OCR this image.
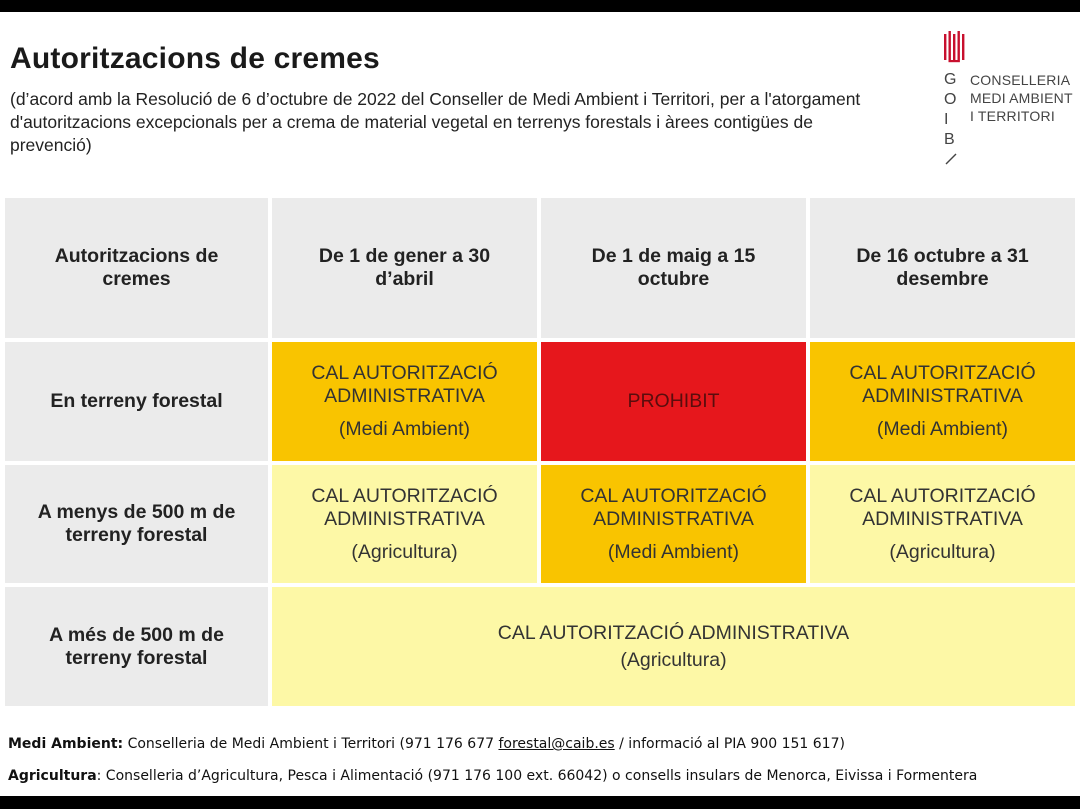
Autoritzacions de cremes
(d’acord amb la Resolució de 6 d’octubre de 2022 del Conseller de Medi Ambient i Territori, per a l'atorgament d'autoritzacions excepcionals per a crema de material vegetal en terrenys forestals i àrees contigües de prevenció)
G
O
I
B
CONSELLERIA
MEDI AMBIENT
I TERRITORI
Autoritzacions de cremes
De 1 de gener a 30 d’abril
De 1 de maig a 15 octubre
De 16 octubre a 31 desembre
En terreny forestal
CAL AUTORITZACIÓ ADMINISTRATIVA
(Medi Ambient)
PROHIBIT
CAL AUTORITZACIÓ ADMINISTRATIVA
(Medi Ambient)
A menys de 500 m de terreny forestal
CAL AUTORITZACIÓ ADMINISTRATIVA
(Agricultura)
CAL AUTORITZACIÓ ADMINISTRATIVA
(Medi Ambient)
CAL AUTORITZACIÓ ADMINISTRATIVA
(Agricultura)
A més de 500 m de terreny forestal
CAL AUTORITZACIÓ ADMINISTRATIVA
(Agricultura)
Medi Ambient: Conselleria de Medi Ambient i Territori (971 176 677 forestal@caib.es / informació al PIA 900 151 617)
Agricultura: Conselleria d’Agricultura, Pesca i Alimentació (971 176 100 ext. 66042) o consells insulars de Menorca, Eivissa i Formentera
